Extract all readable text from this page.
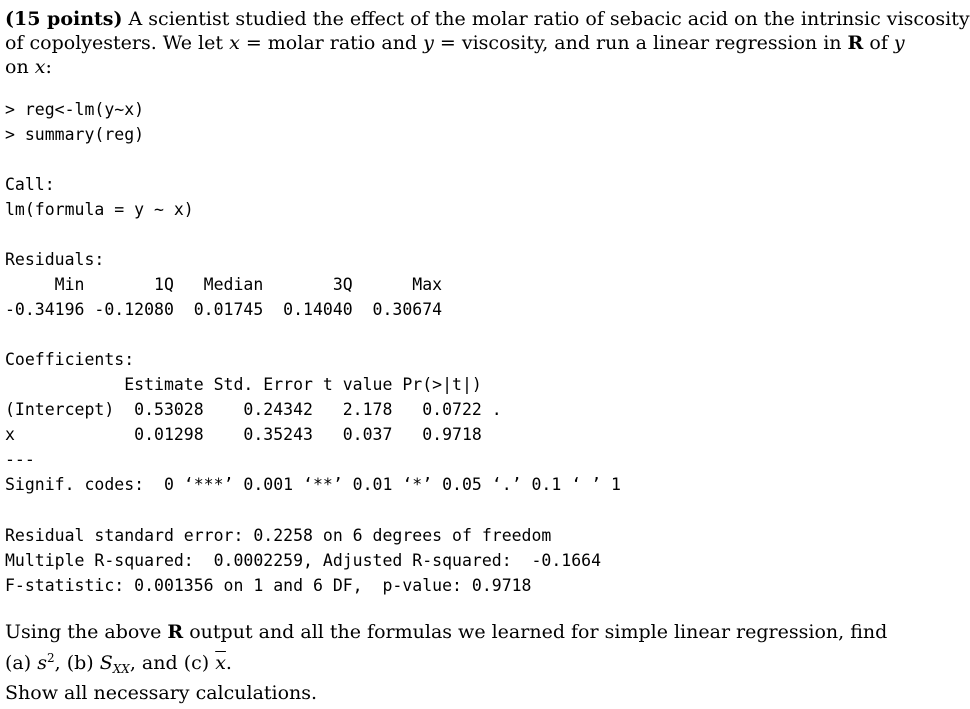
(15 points) A scientist studied the effect of the molar ratio of sebacic acid on the intrinsic viscosity
of copolyesters. We let x = molar ratio and y = viscosity, and run a linear regression in R of y
on x:
> reg<-lm(y~x)
> summary(reg)
Call:
lm(formula = y ~ x)
Residuals:
Min       1Q   Median       3Q      Max
-0.34196 -0.12080  0.01745  0.14040  0.30674
Coefficients:
Estimate Std. Error t value Pr(>|t|)
(Intercept)  0.53028    0.24342   2.178   0.0722 .
x            0.01298    0.35243   0.037   0.9718
---
Signif. codes:  0 ‘***’ 0.001 ‘**’ 0.01 ‘*’ 0.05 ‘.’ 0.1 ‘ ’ 1
Residual standard error: 0.2258 on 6 degrees of freedom
Multiple R-squared:  0.0002259, Adjusted R-squared:  -0.1664
F-statistic: 0.001356 on 1 and 6 DF,  p-value: 0.9718
Using the above R output and all the formulas we learned for simple linear regression, find
(a) $s^2$, (b) $S_{XX}$, and (c) $\overline{x}$.
Show all necessary calculations.
